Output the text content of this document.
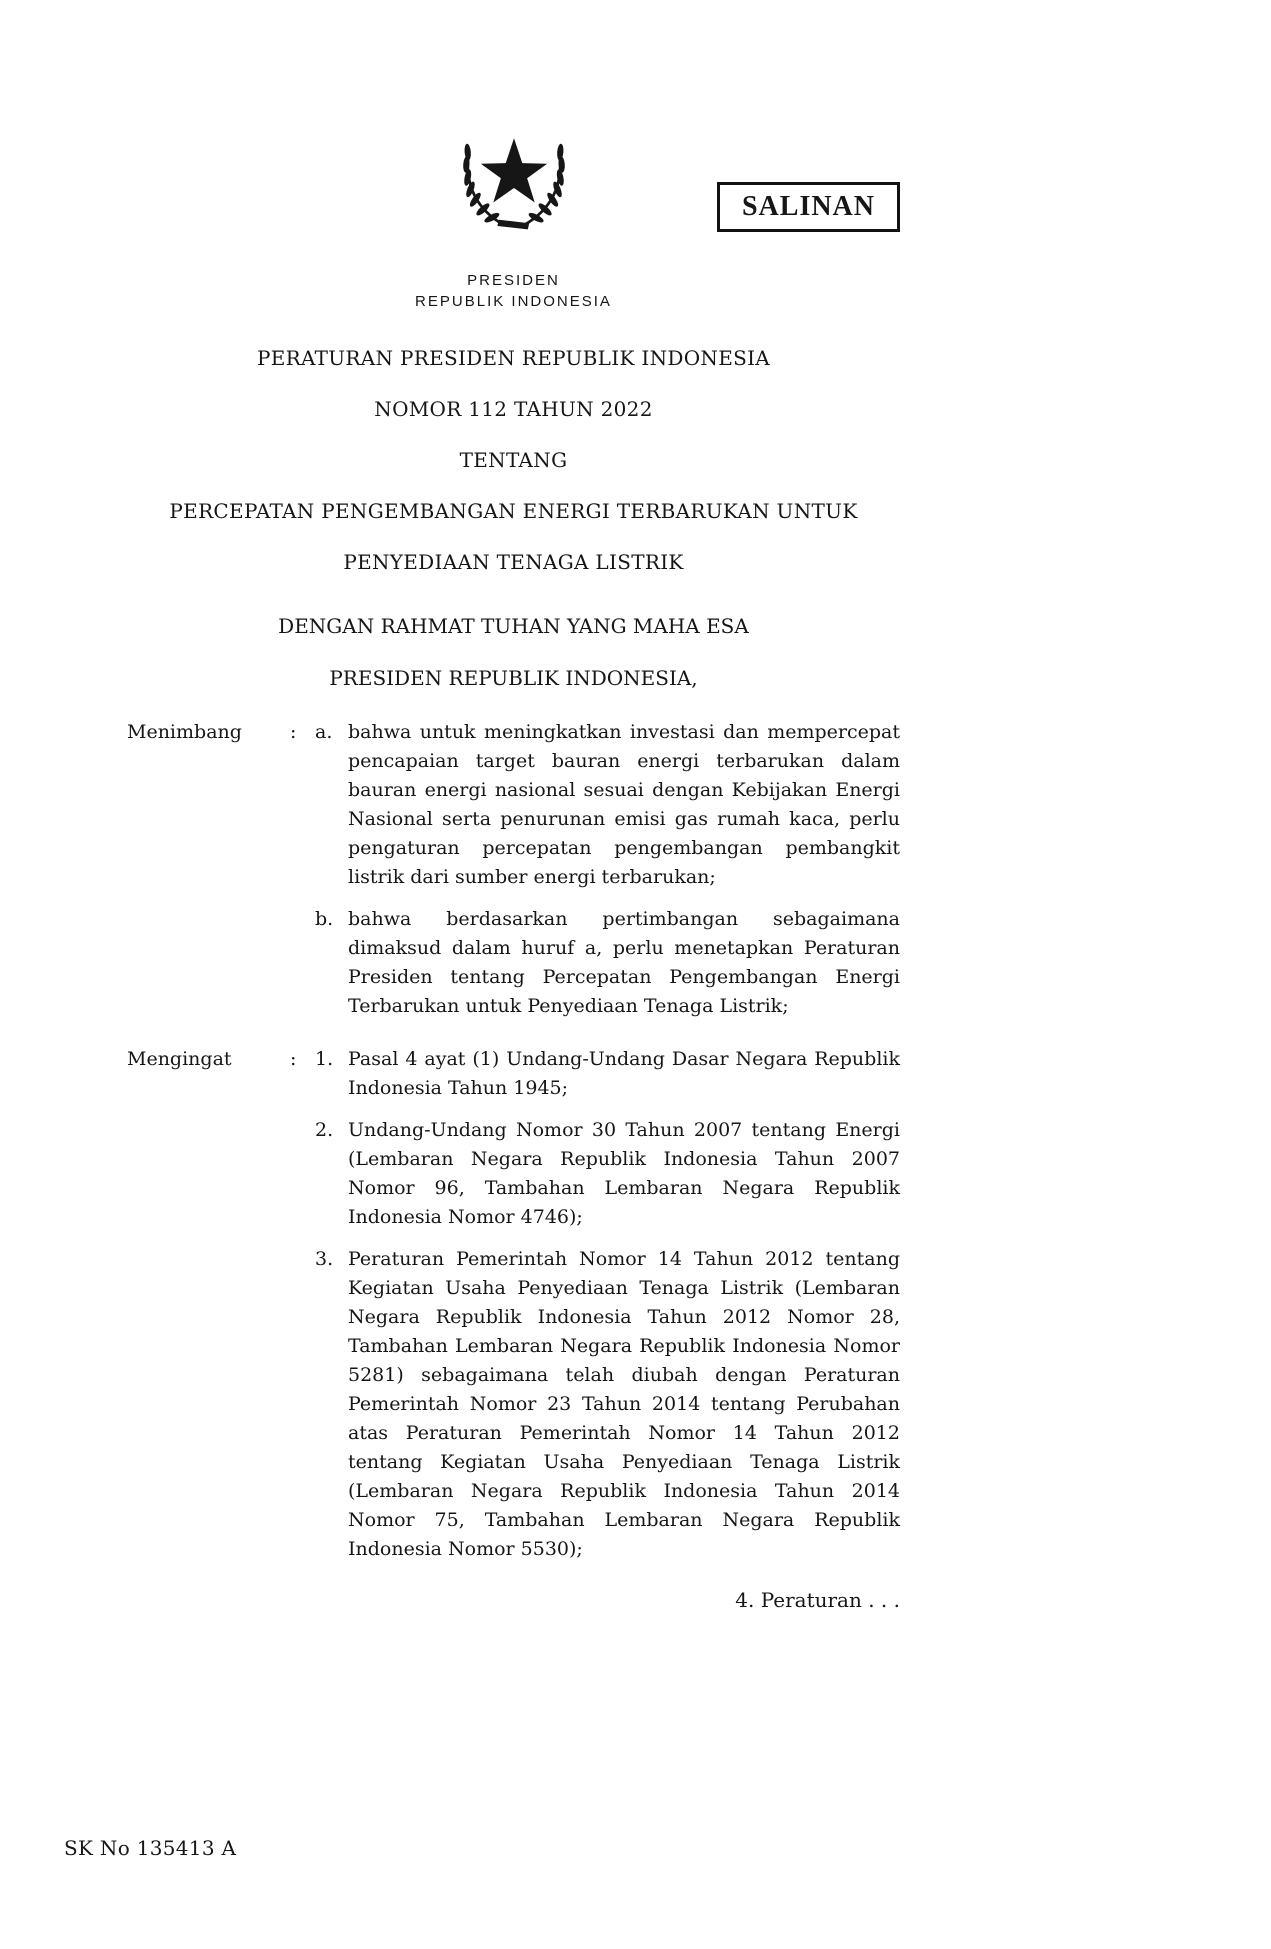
SALINAN
PRESIDEN
REPUBLIK INDONESIA
PERATURAN PRESIDEN REPUBLIK INDONESIA
NOMOR 112 TAHUN 2022
TENTANG
PERCEPATAN PENGEMBANGAN ENERGI TERBARUKAN UNTUK
PENYEDIAAN TENAGA LISTRIK
DENGAN RAHMAT TUHAN YANG MAHA ESA
PRESIDEN REPUBLIK INDONESIA,
Menimbang	: a. bahwa untuk meningkatkan investasi dan mempercepat pencapaian target bauran energi terbarukan dalam bauran energi nasional sesuai dengan Kebijakan Energi Nasional serta penurunan emisi gas rumah kaca, perlu pengaturan percepatan pengembangan pembangkit listrik dari sumber energi terbarukan;
b. bahwa berdasarkan pertimbangan sebagaimana dimaksud dalam huruf a, perlu menetapkan Peraturan Presiden tentang Percepatan Pengembangan Energi Terbarukan untuk Penyediaan Tenaga Listrik;
Mengingat	: 1. Pasal 4 ayat (1) Undang-Undang Dasar Negara Republik Indonesia Tahun 1945;
2. Undang-Undang Nomor 30 Tahun 2007 tentang Energi (Lembaran Negara Republik Indonesia Tahun 2007 Nomor 96, Tambahan Lembaran Negara Republik Indonesia Nomor 4746);
3. Peraturan Pemerintah Nomor 14 Tahun 2012 tentang Kegiatan Usaha Penyediaan Tenaga Listrik (Lembaran Negara Republik Indonesia Tahun 2012 Nomor 28, Tambahan Lembaran Negara Republik Indonesia Nomor 5281) sebagaimana telah diubah dengan Peraturan Pemerintah Nomor 23 Tahun 2014 tentang Perubahan atas Peraturan Pemerintah Nomor 14 Tahun 2012 tentang Kegiatan Usaha Penyediaan Tenaga Listrik (Lembaran Negara Republik Indonesia Tahun 2014 Nomor 75, Tambahan Lembaran Negara Republik Indonesia Nomor 5530);
4. Peraturan . . .
SK No 135413 A
